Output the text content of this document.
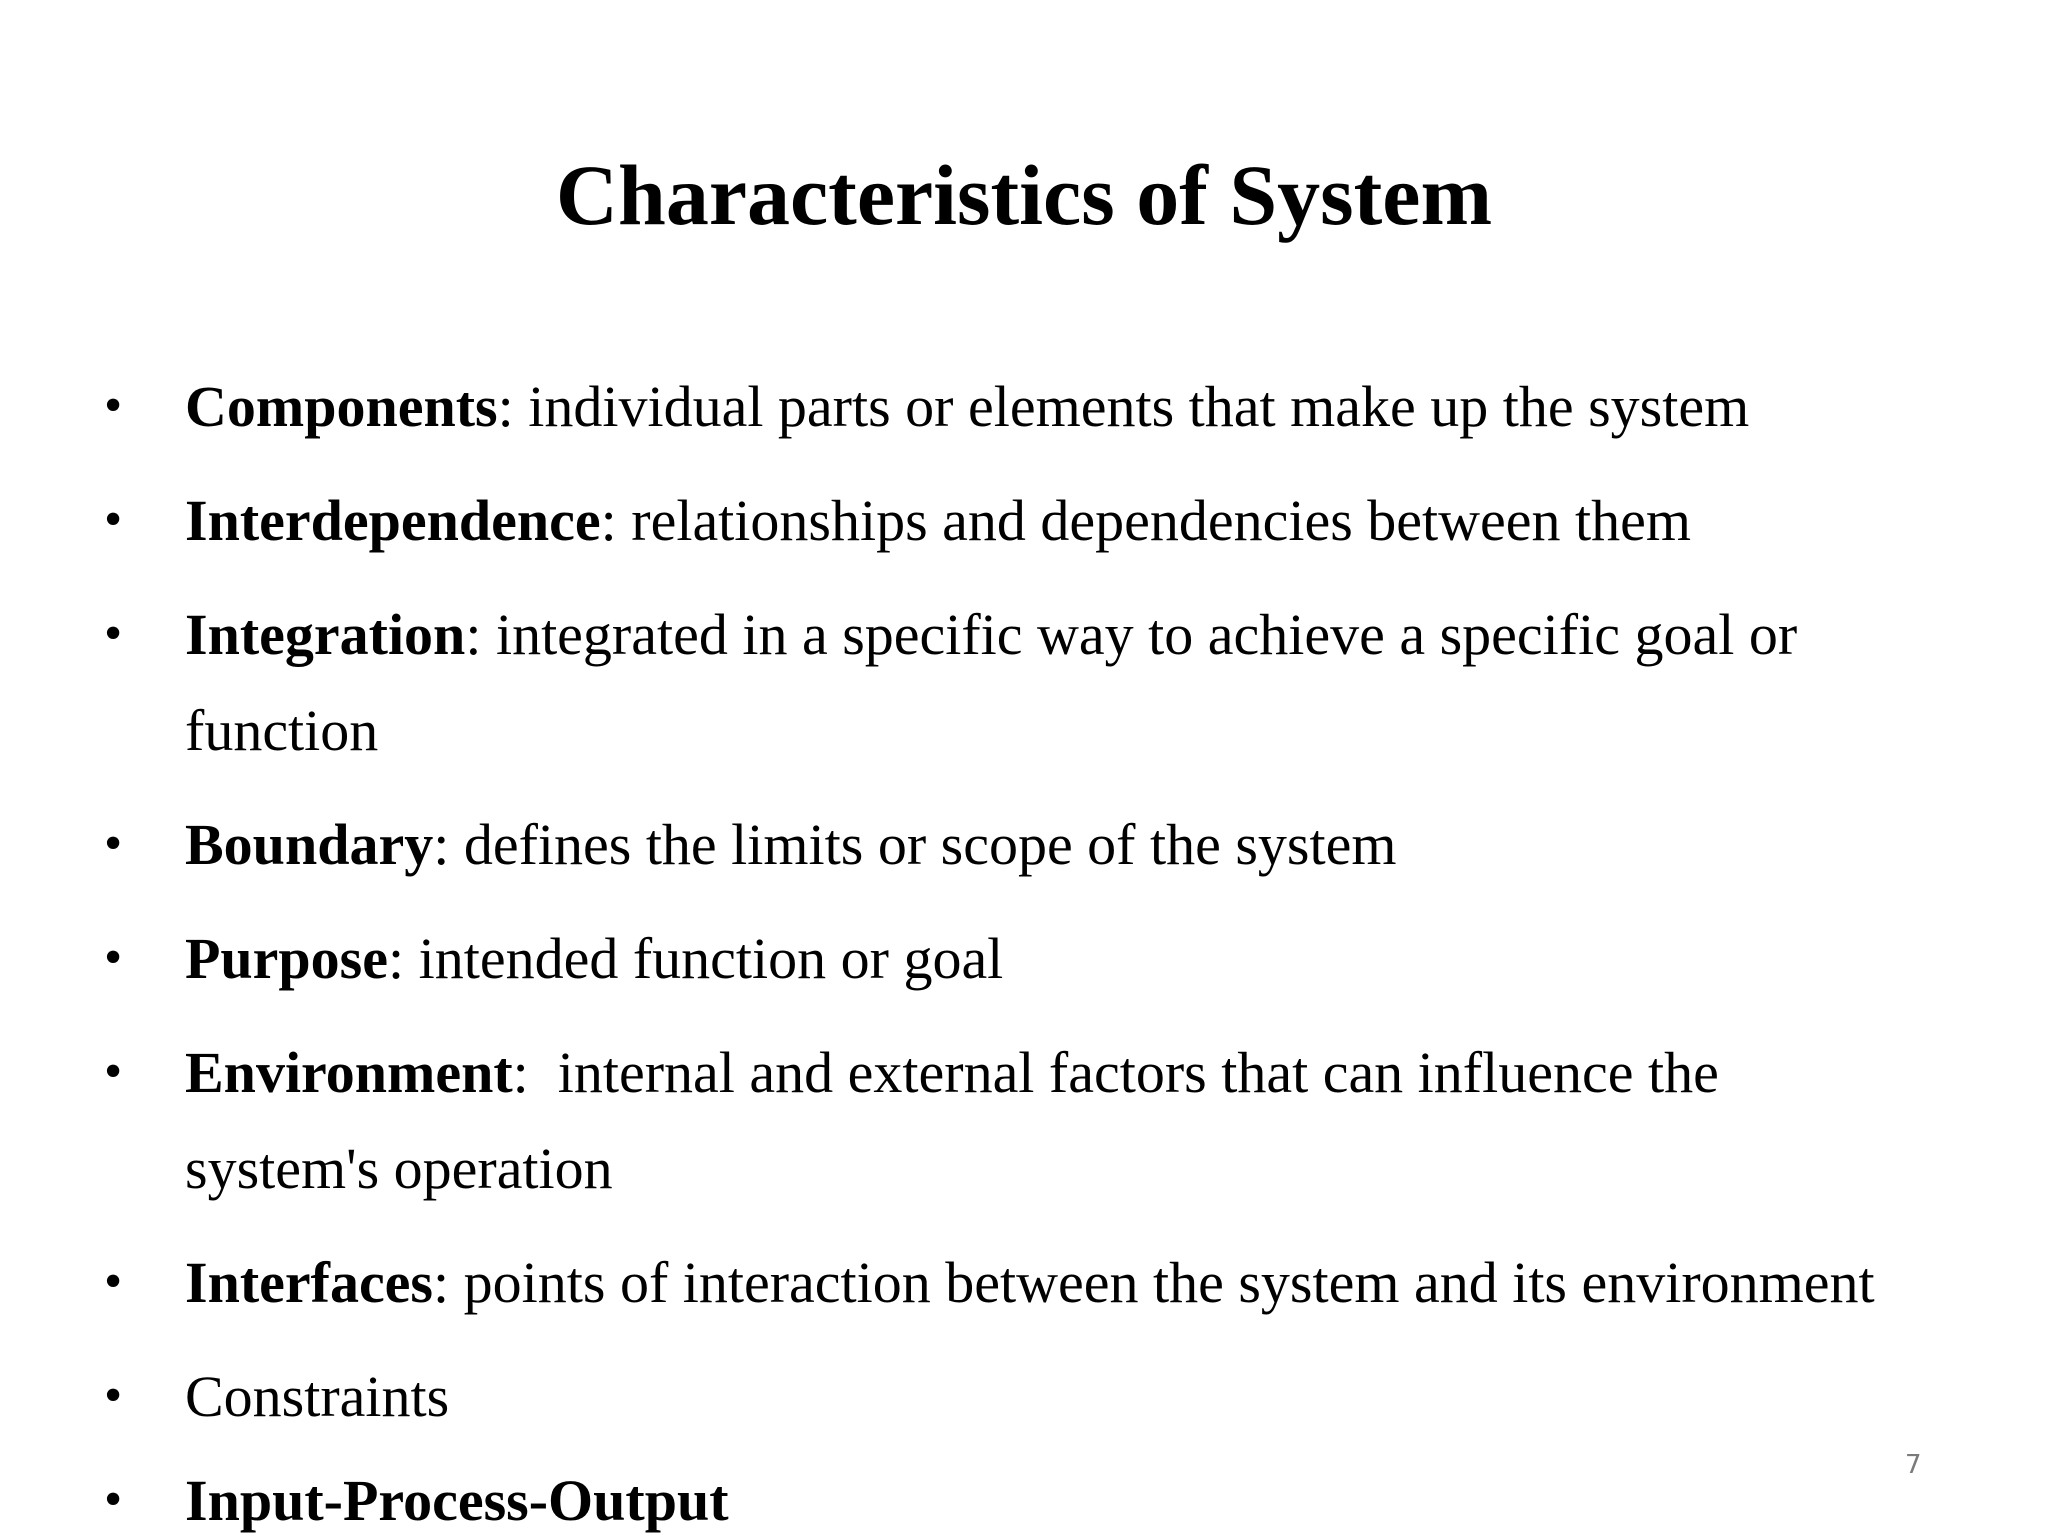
Characteristics of System
• Components: individual parts or elements that make up the system
• Interdependence: relationships and dependencies between them
• Integration: integrated in a specific way to achieve a specific goal or
function
• Boundary: defines the limits or scope of the system
• Purpose: intended function or goal
• Environment:  internal and external factors that can influence the
system's operation
• Interfaces: points of interaction between the system and its environment
• Constraints
• Input-Process-Output
7
